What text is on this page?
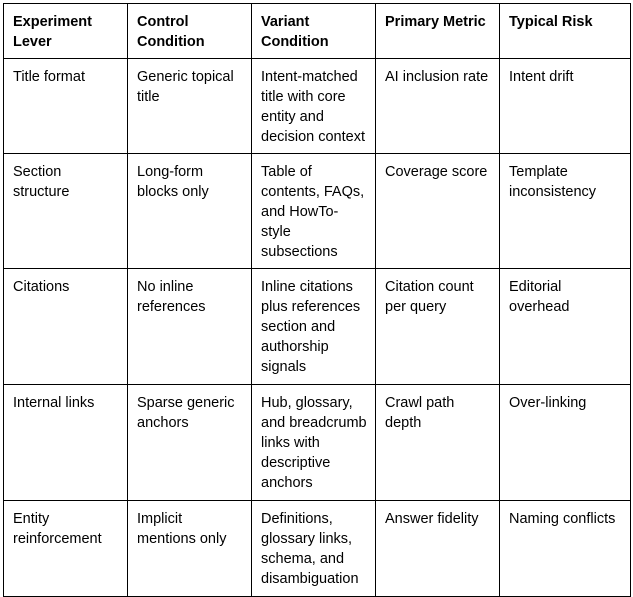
Experiment Lever	Control Condition	Variant Condition	Primary Metric	Typical Risk
Title format	Generic topical title	Intent-matched title with core entity and decision context	AI inclusion rate	Intent drift
Section structure	Long-form blocks only	Table of contents, FAQs, and HowTo-style subsections	Coverage score	Template inconsistency
Citations	No inline references	Inline citations plus references section and authorship signals	Citation count per query	Editorial overhead
Internal links	Sparse generic anchors	Hub, glossary, and breadcrumb links with descriptive anchors	Crawl path depth	Over-linking
Entity reinforcement	Implicit mentions only	Definitions, glossary links, schema, and disambiguation	Answer fidelity	Naming conflicts
